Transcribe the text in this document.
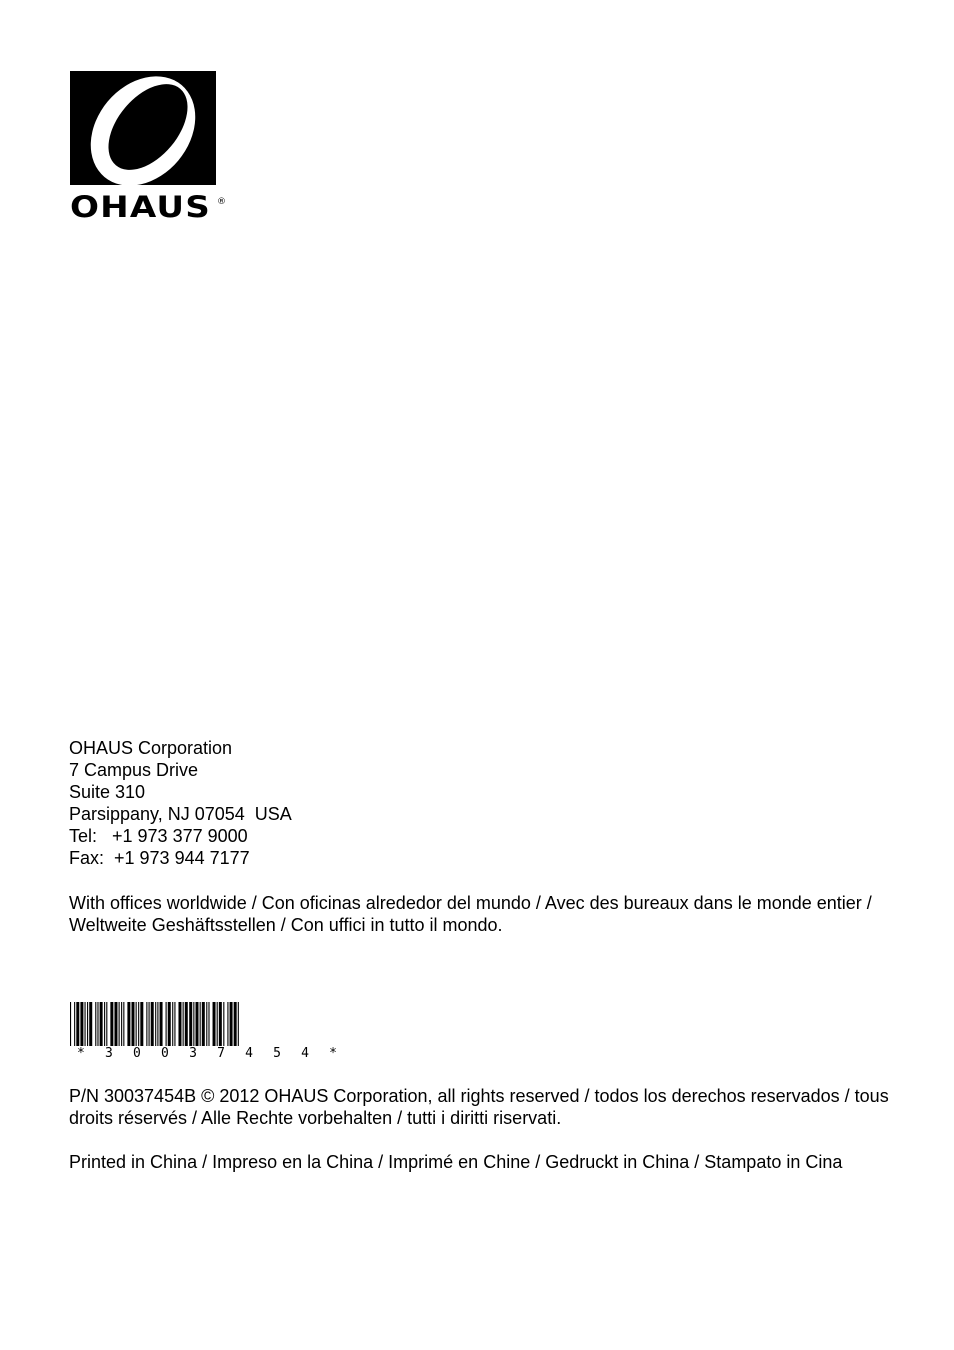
OHAUS ®
OHAUS Corporation
7 Campus Drive
Suite 310
Parsippany, NJ 07054  USA
Tel:   +1 973 377 9000
Fax:  +1 973 944 7177
With offices worldwide / Con oficinas alrededor del mundo / Avec des bureaux dans le monde entier / Weltweite Geshäftsstellen / Con uffici in tutto il mondo.
* 3 0 0 3 7 4 5 4 *
P/N 30037454B © 2012 OHAUS Corporation, all rights reserved / todos los derechos reservados / tous droits réservés / Alle Rechte vorbehalten / tutti i diritti riservati.
Printed in China / Impreso en la China / Imprimé en Chine / Gedruckt in China / Stampato in Cina
